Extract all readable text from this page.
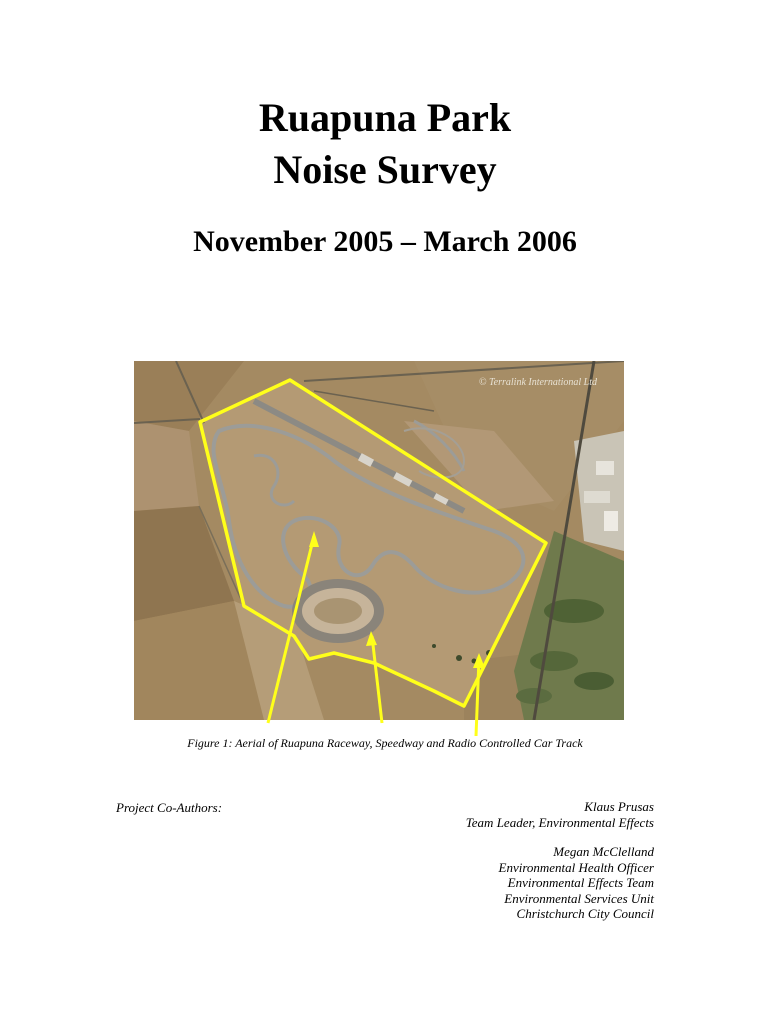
Ruapuna Park
Noise Survey
November 2005 – March 2006
© Terralink International Ltd
Figure 1: Aerial of Ruapuna Raceway, Speedway and Radio Controlled Car Track
Project Co-Authors:	Klaus Prusas
Team Leader, Environmental Effects
Megan McClelland
Environmental Health Officer
Environmental Effects Team
Environmental Services Unit
Christchurch City Council
